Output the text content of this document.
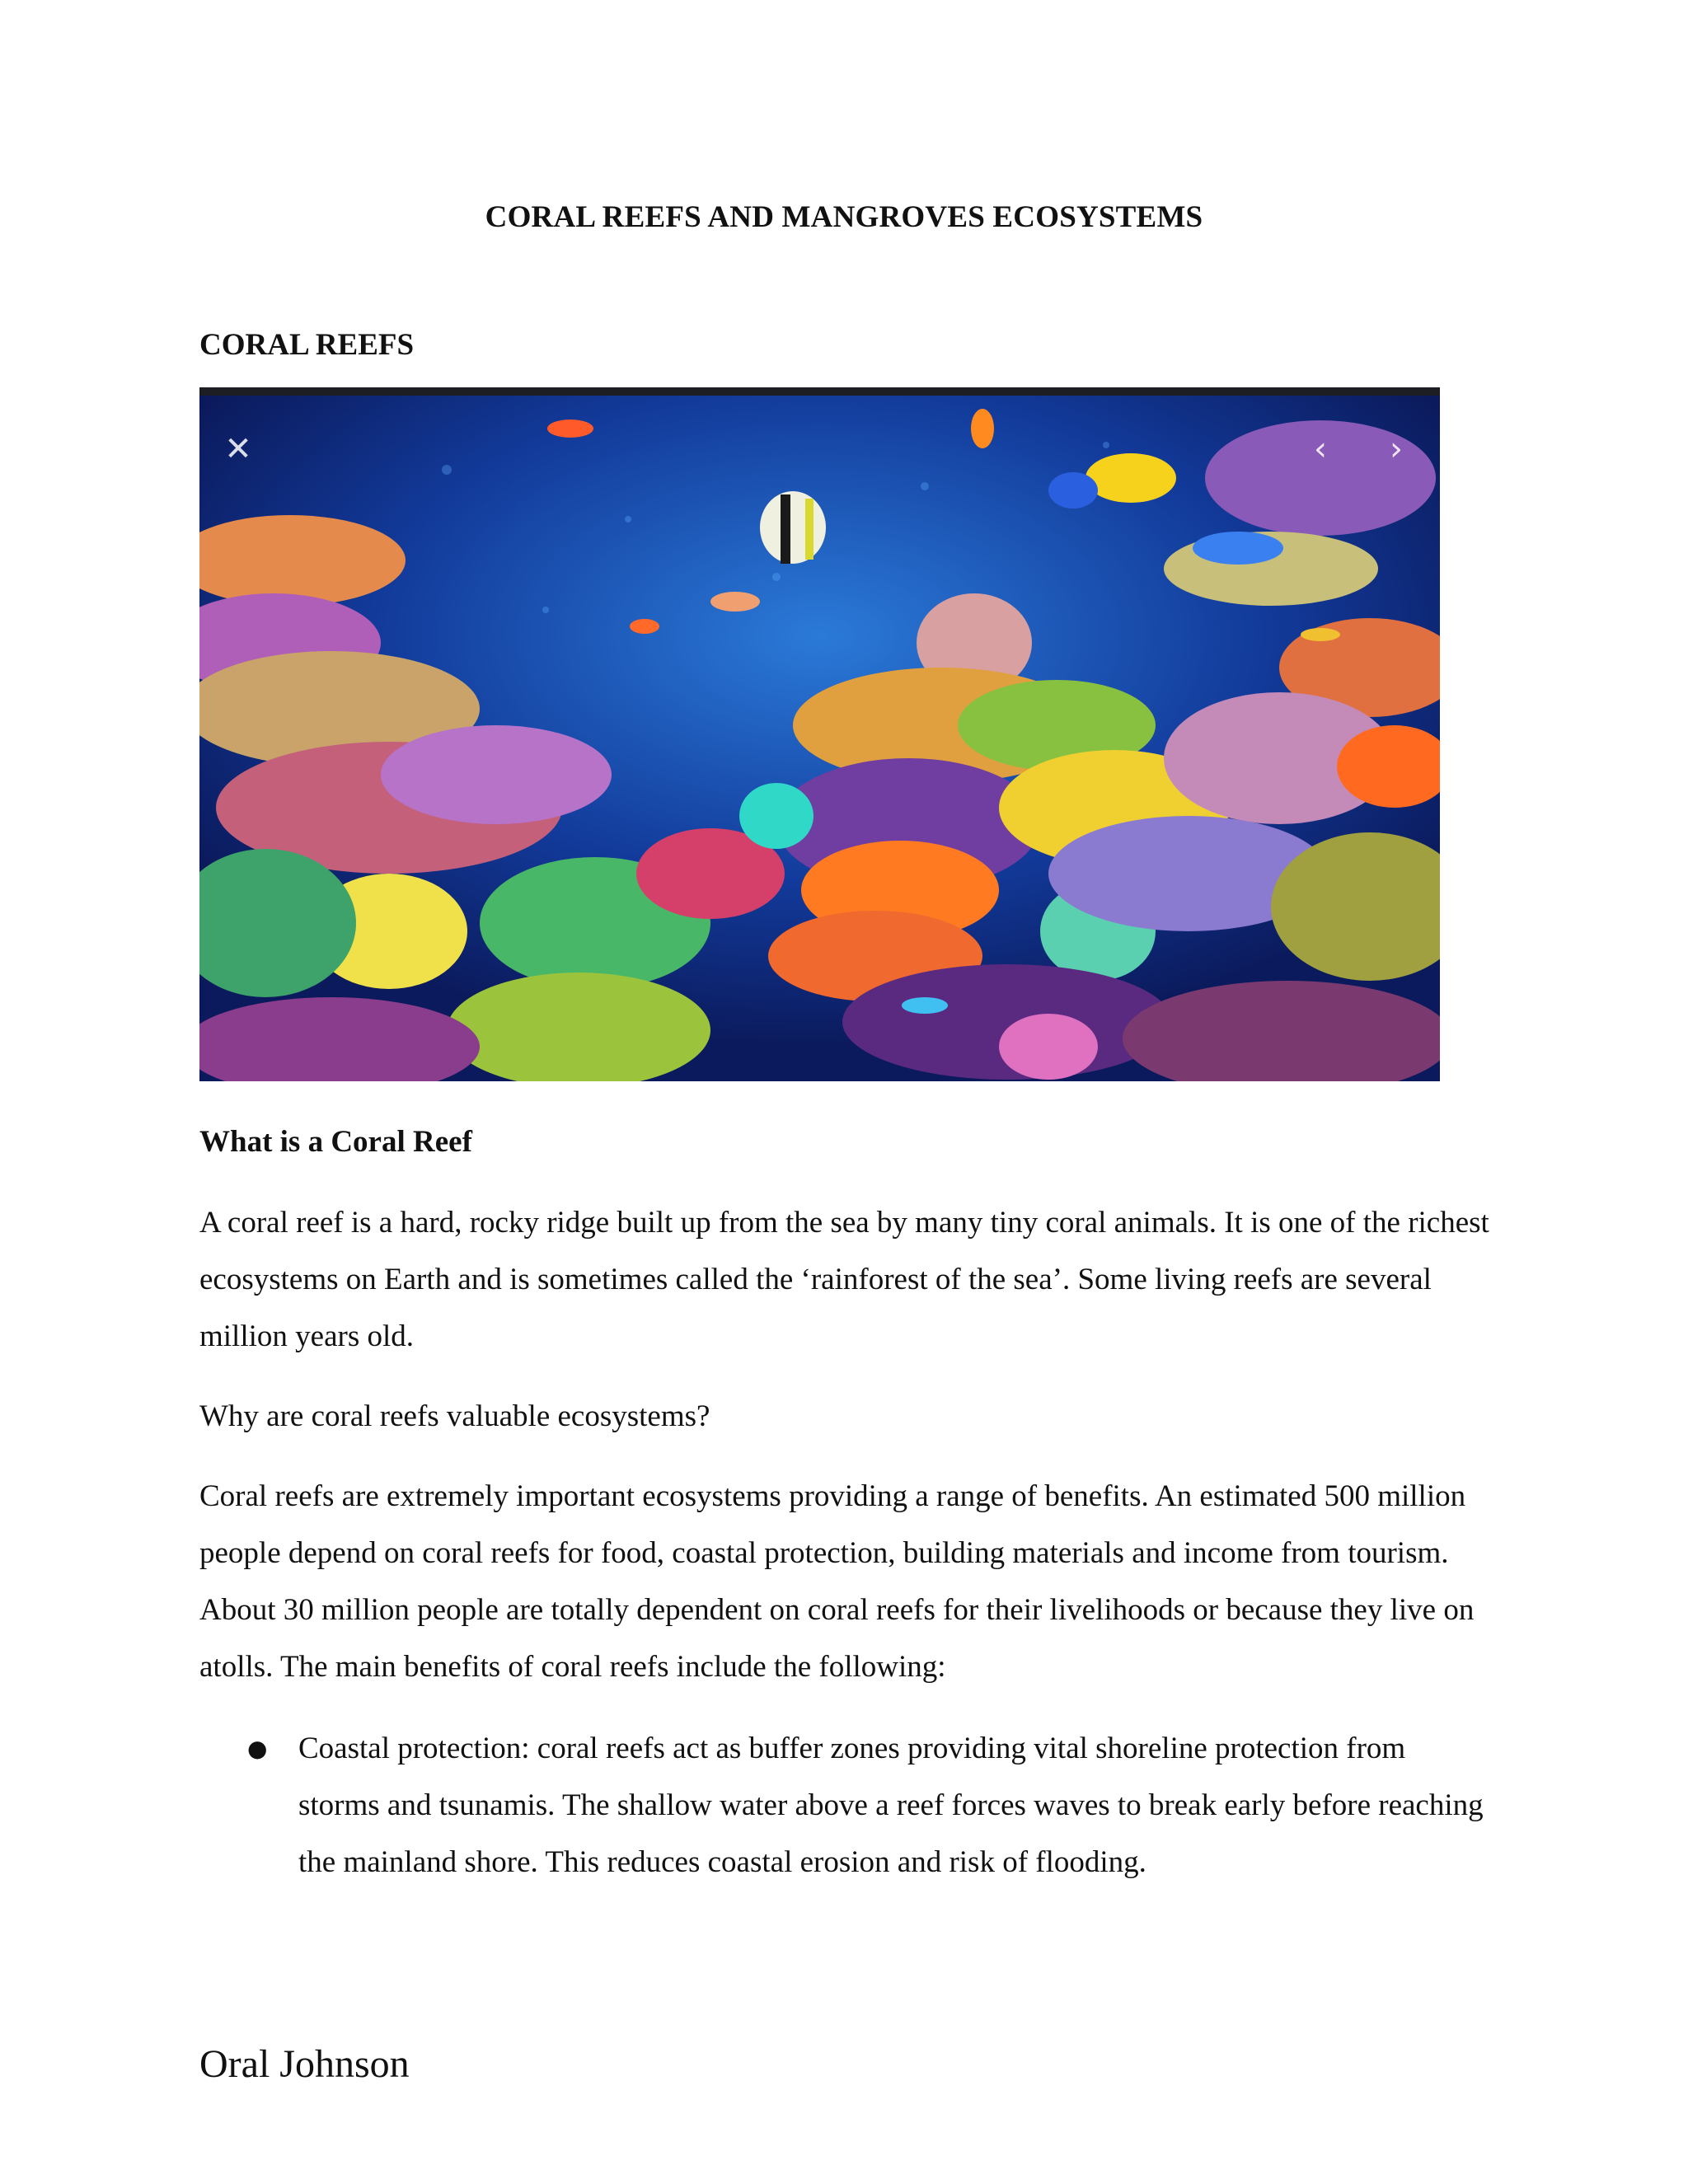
CORAL REEFS AND MANGROVES ECOSYSTEMS
CORAL REEFS
✕	‹	›
What is a Coral Reef

A coral reef is a hard, rocky ridge built up from the sea by many tiny coral animals. It is one of the richest ecosystems on Earth and is sometimes called the ‘rainforest of the sea’. Some living reefs are several million years old.

Why are coral reefs valuable ecosystems?

Coral reefs are extremely important ecosystems providing a range of benefits. An estimated 500 million people depend on coral reefs for food, coastal protection, building materials and income from tourism. About 30 million people are totally dependent on coral reefs for their livelihoods or because they live on atolls. The main benefits of coral reefs include the following:

● Coastal protection: coral reefs act as buffer zones providing vital shoreline protection from storms and tsunamis. The shallow water above a reef forces waves to break early before reaching the mainland shore. This reduces coastal erosion and risk of flooding.
Oral Johnson
